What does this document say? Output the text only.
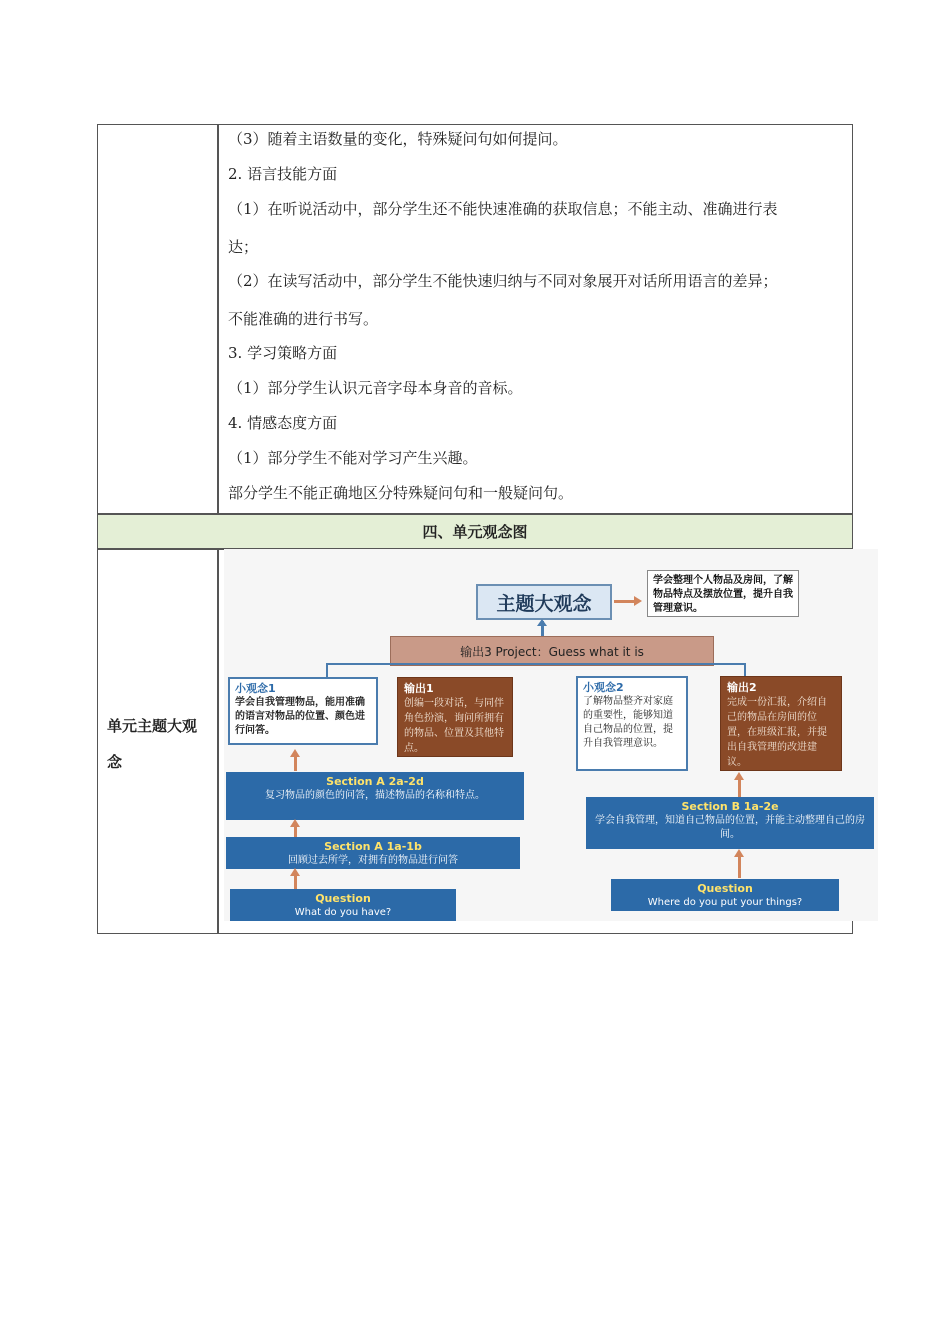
（3）随着主语数量的变化，特殊疑问句如何提问。
2. 语言技能方面
（1）在听说活动中，部分学生还不能快速准确的获取信息；不能主动、准确进行表
达；
（2）在读写活动中，部分学生不能快速归纳与不同对象展开对话所用语言的差异；
不能准确的进行书写。
3. 学习策略方面
（1）部分学生认识元音字母本身音的音标。
4. 情感态度方面
（1）部分学生不能对学习产生兴趣。
部分学生不能正确地区分特殊疑问句和一般疑问句。
四、单元观念图
单元主题大观念
主题大观念
学会整理个人物品及房间，了解物品特点及摆放位置，提升自我管理意识。
输出3 Project：Guess what it is
小观念1
学会自我管理物品，能用准确的语言对物品的位置、颜色进行问答。
输出1
创编一段对话，与同伴角色扮演，询问所拥有的物品、位置及其他特点。
小观念2
了解物品整齐对家庭的重要性，能够知道自己物品的位置，提升自我管理意识。
输出2
完成一份汇报，介绍自己的物品在房间的位置，在班级汇报，并提出自我管理的改进建议。
Section A 2a-2d
复习物品的颜色的问答，描述物品的名称和特点。
Section A 1a-1b
回顾过去所学，对拥有的物品进行问答
Question
What do you have?
Section B 1a-2e
学会自我管理，知道自己物品的位置，并能主动整理自己的房间。
Question
Where do you put your things?
